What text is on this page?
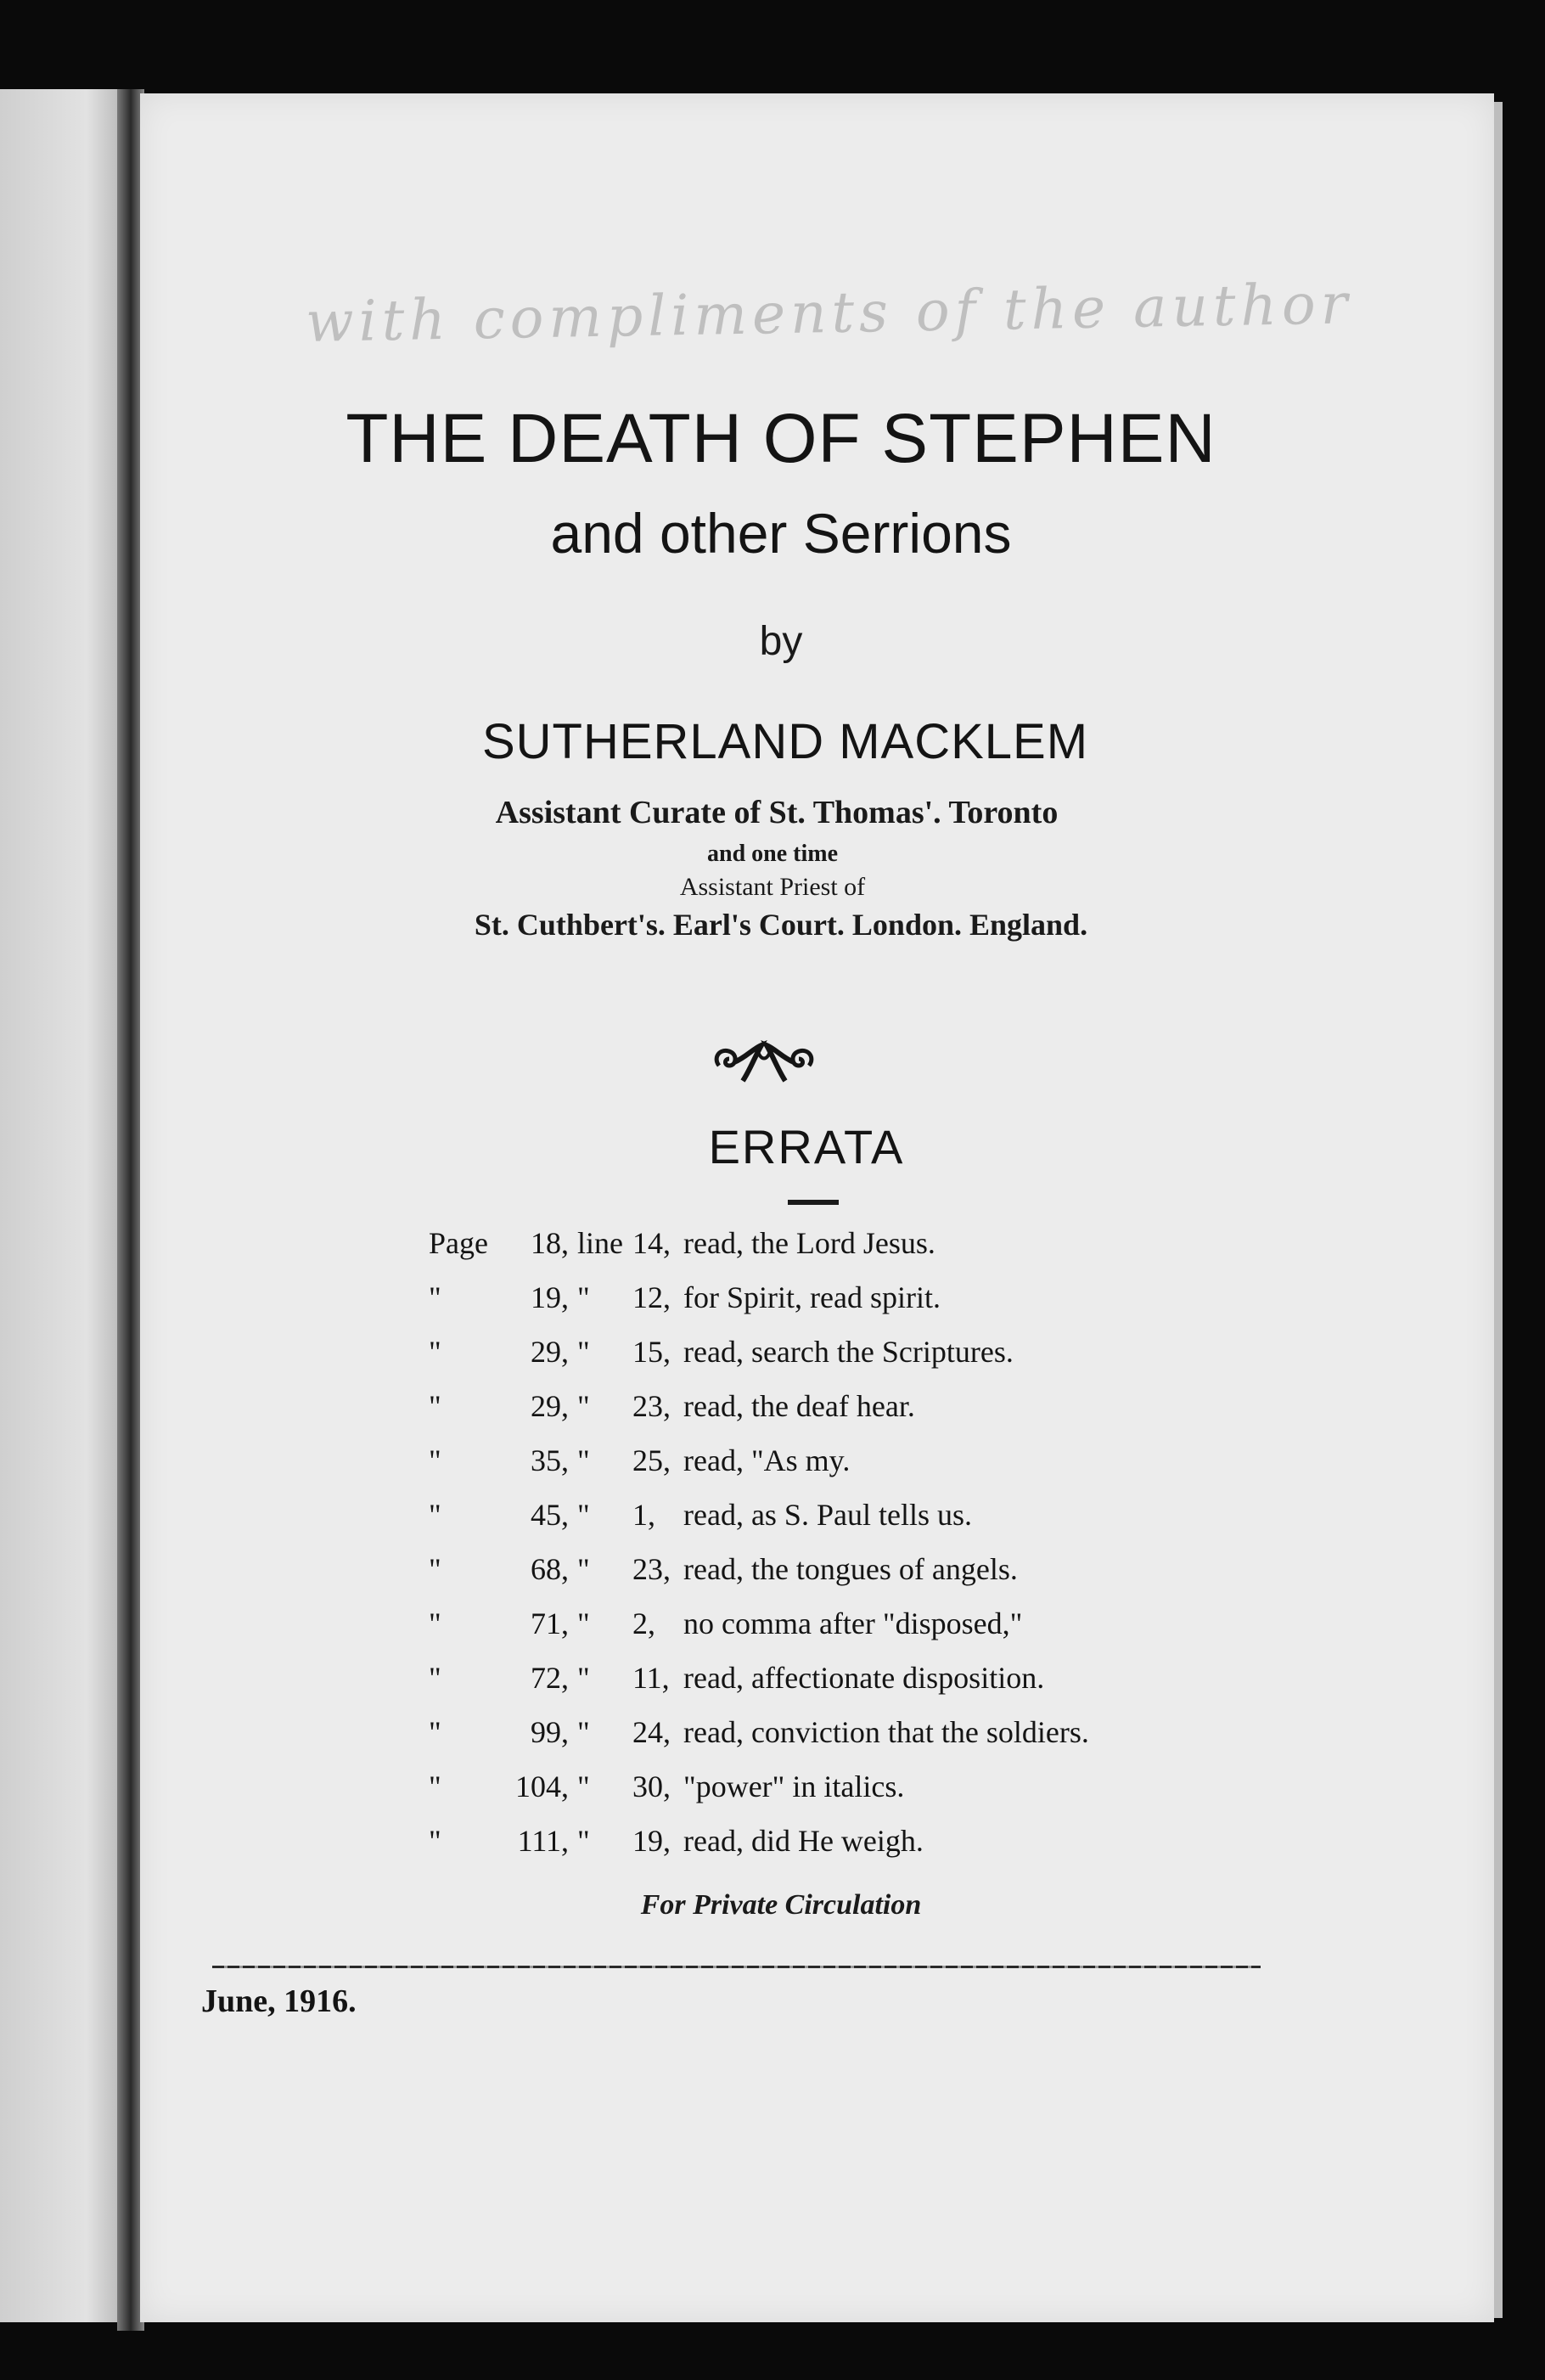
with compliments of the author
THE DEATH OF STEPHEN
and other Serr​ions
by
SUTHERLAND MACKLEM
Assistant Curate of St. Thomas'. Toronto
and one time
Assistant Priest of
St. Cuthbert's. Earl's Court. London. England.
ERRATA
Page	18, line 14, read, the Lord Jesus.
"	19, " 12, for Spirit, read spirit.
"	29, " 15, read, search the Scriptures.
"	29, " 23, read, the deaf hear.
"	35, " 25, read, "As my.
"	45, " 1, read, as S. Paul tells us.
"	68, " 23, read, the tongues of angels.
"	71, " 2, no comma after "disposed,"
"	72, " 11, read, affectionate disposition.
"	99, " 24, read, conviction that the soldiers.
" 104, " 30, "power" in italics.
" 111, " 19, read, did He weigh.
For Private Circulation
June, 1916.
